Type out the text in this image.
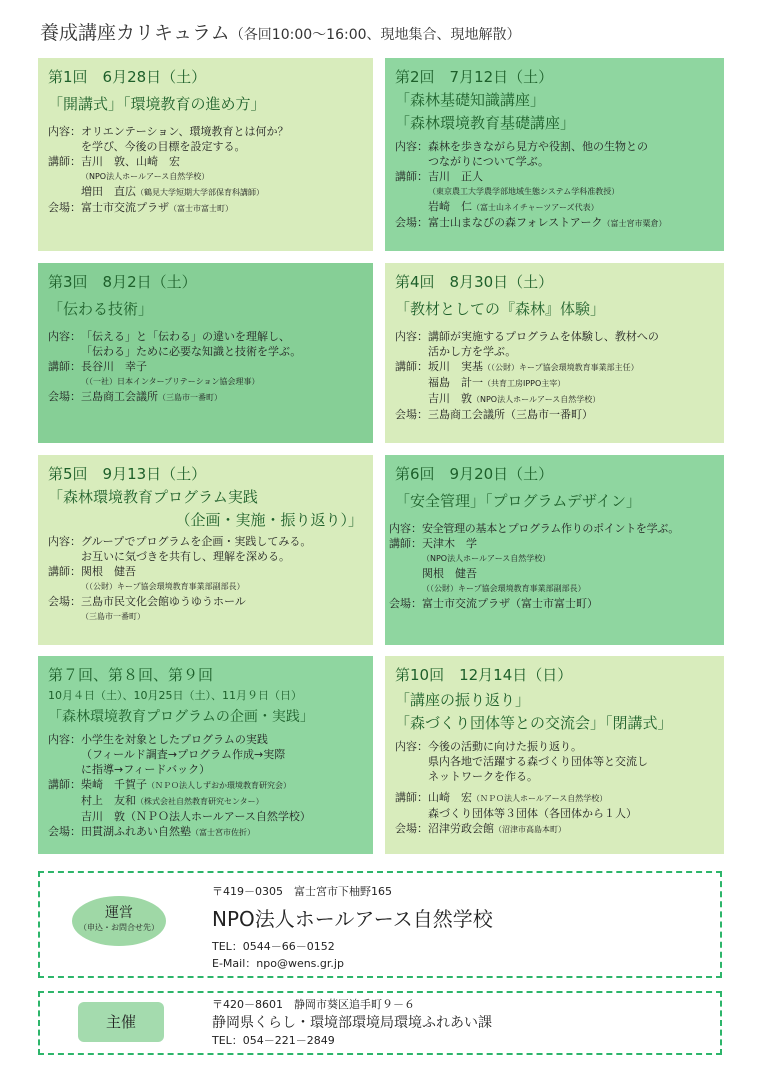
養成講座カリキュラム（各回10:00～16:00、現地集合、現地解散）
第1回　6月28日（土）
「開講式」「環境教育の進め方」
内容： オリエンテーション、環境教育とは何か？
を学び、今後の目標を設定する。
講師： 吉川　敦、山崎　宏
（NPO法人ホールアース自然学校）
増田　直広（鶴見大学短期大学部保育科講師）
会場： 富士市交流プラザ（富士市富士町）
第2回　7月12日（土）
「森林基礎知識講座」
「森林環境教育基礎講座」
内容： 森林を歩きながら見方や役割、他の生物との
つながりについて学ぶ。
講師： 吉川　正人
（東京農工大学農学部地域生態システム学科准教授）
岩崎　仁（富士山ネイチャーツアーズ代表）
会場： 富士山まなびの森フォレストアーク（富士宮市粟倉）
第3回　8月2日（土）
「伝わる技術」
内容： 「伝える」と「伝わる」の違いを理解し、
「伝わる」ために必要な知識と技術を学ぶ。
講師： 長谷川　幸子
（（一社）日本インタープリテーション協会理事）
会場： 三島商工会議所（三島市一番町）
第4回　8月30日（土）
「教材としての『森林』体験」
内容： 講師が実施するプログラムを体験し、教材への
活かし方を学ぶ。
講師： 坂川　実基（（公財）キープ協会環境教育事業部主任）
福島　計一（共育工房IPPO主宰）
吉川　敦（NPO法人ホールアース自然学校）
会場： 三島商工会議所（三島市一番町）
第5回　9月13日（土）
「森林環境教育プログラム実践
（企画・実施・振り返り）」
内容： グループでプログラムを企画・実践してみる。
お互いに気づきを共有し、理解を深める。
講師： 関根　健吾
（（公財）キープ協会環境教育事業部副部長）
会場： 三島市民文化会館ゆうゆうホール
（三島市一番町）
第6回　9月20日（土）
「安全管理」「プログラムデザイン」
内容： 安全管理の基本とプログラム作りのポイントを学ぶ。
講師： 天津木　学
（NPO法人ホールアース自然学校）
関根　健吾
（（公財）キープ協会環境教育事業部副部長）
会場： 富士市交流プラザ（富士市富士町）
第７回、第８回、第９回
10月４日（土）、10月25日（土）、11月９日（日）
「森林環境教育プログラムの企画・実践」
内容： 小学生を対象としたプログラムの実践
（フィールド調査→プログラム作成→実際
に指導→フィードバック）
講師： 柴崎　千賀子（ＮＰＯ法人しずおか環境教育研究会）
村上　友和（株式会社自然教育研究センター）
吉川　敦（ＮＰＯ法人ホールアース自然学校）
会場： 田貫湖ふれあい自然塾（富士宮市佐折）
第10回　12月14日（日）
「講座の振り返り」
「森づくり団体等との交流会」「閉講式」
内容： 今後の活動に向けた振り返り。
県内各地で活躍する森づくり団体等と交流し
ネットワークを作る。
講師： 山崎　宏（ＮＰＯ法人ホールアース自然学校）
森づくり団体等３団体（各団体から１人）
会場： 沼津労政会館（沼津市高島本町）
運営
（申込・お問合せ先）
〒419－0305　富士宮市下柚野165
NPO法人ホールアース自然学校
TEL：0544－66－0152
E-Mail：npo@wens.gr.jp
主催
〒420－8601　静岡市葵区追手町９－６
静岡県くらし・環境部環境局環境ふれあい課
TEL：054－221－2849
